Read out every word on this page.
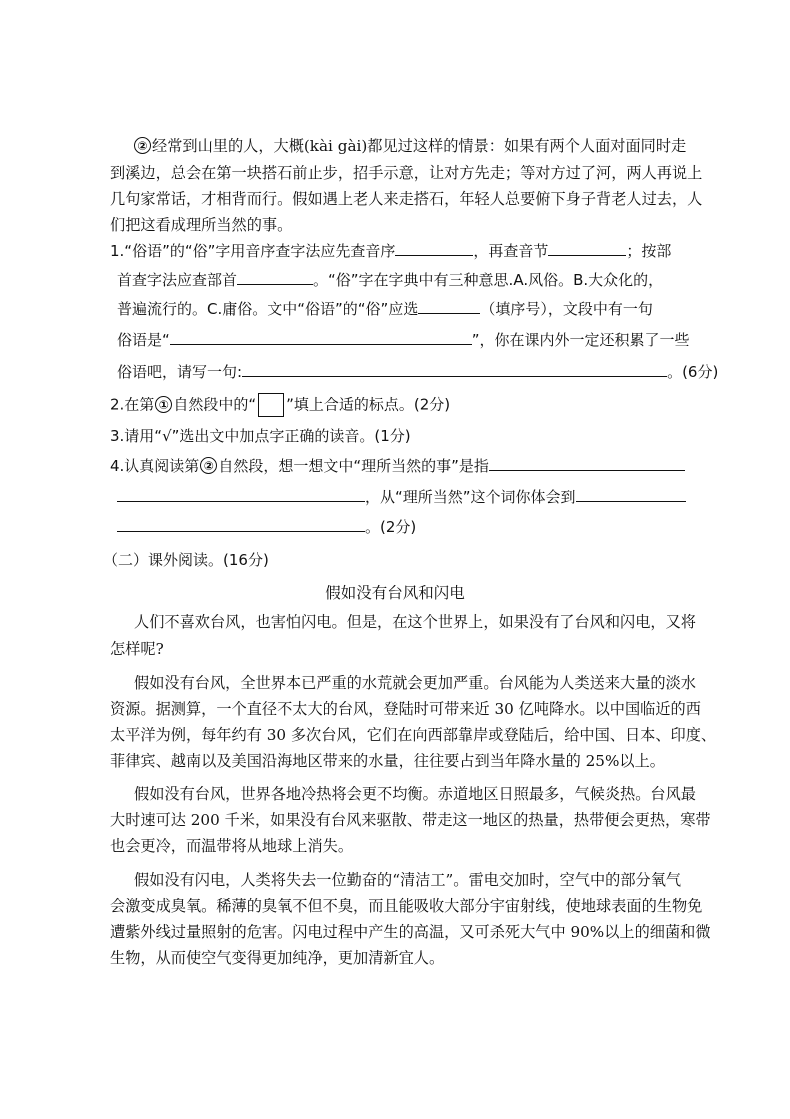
② 经常到山里的人，大概(kài gài)都见过这样的情景：如果有两个人面对面同时走
到溪边，总会在第一块搭石前止步，招手示意，让对方先走；等对方过了河，两人再说上
几句家常话，才相背而行。假如遇上老人来走搭石，年轻人总要俯下身子背老人过去，人
们把这看成理所当然的事。
1.“俗语”的“俗”字用音序查字法应先查音序	，再查音节	；按部
首查字法应查部首	。“俗”字在字典中有三种意思.A.风俗。B.大众化的，
普遍流行的。C.庸俗。文中“俗语”的“俗”应选	（填序号），文段中有一句
俗语是“	”，你在课内外一定还积累了一些
俗语吧，请写一句:	。(6分)
2.在第 ① 自然段中的“ ”填上合适的标点。(2分)
3.请用“√”选出文中加点字正确的读音。(1分)
4.认真阅读第 ② 自然段，想一想文中“理所当然的事”是指
，从“理所当然”这个词你体会到
。(2分)
（二）课外阅读。(16分)
假如没有台风和闪电
人们不喜欢台风，也害怕闪电。但是，在这个世界上，如果没有了台风和闪电，又将
怎样呢?
假如没有台风，全世界本已严重的水荒就会更加严重。台风能为人类送来大量的淡水
资源。据测算，一个直径不太大的台风，登陆时可带来近 30 亿吨降水。以中国临近的西
太平洋为例，每年约有 30 多次台风，它们在向西部靠岸或登陆后，给中国、日本、印度、
菲律宾、越南以及美国沿海地区带来的水量，往往要占到当年降水量的 25%以上。
假如没有台风，世界各地冷热将会更不均衡。赤道地区日照最多，气候炎热。台风最
大时速可达 200 千米，如果没有台风来驱散、带走这一地区的热量，热带便会更热，寒带
也会更冷，而温带将从地球上消失。
假如没有闪电，人类将失去一位勤奋的“清洁工”。雷电交加时，空气中的部分氧气
会激变成臭氧。稀薄的臭氧不但不臭，而且能吸收大部分宇宙射线，使地球表面的生物免
遭紫外线过量照射的危害。闪电过程中产生的高温，又可杀死大气中 90%以上的细菌和微
生物，从而使空气变得更加纯净，更加清新宜人。
